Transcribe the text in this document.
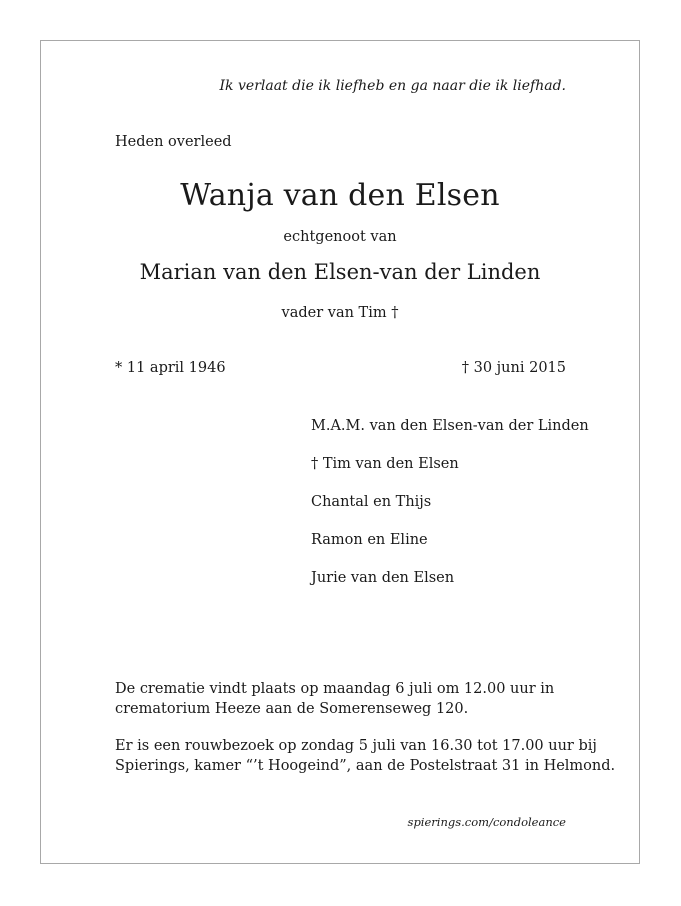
Ik verlaat die ik liefheb en ga naar die ik liefhad.
Heden overleed
Wanja van den Elsen
echtgenoot van
Marian van den Elsen-van der Linden
vader van Tim †
* 11 april 1946	† 30 juni 2015
M.A.M. van den Elsen-van der Linden
† Tim van den Elsen
Chantal en Thijs
Ramon en Eline
Jurie van den Elsen
De crematie vindt plaats op maandag 6 juli om 12.00 uur in
crematorium Heeze aan de Somerenseweg 120.
Er is een rouwbezoek op zondag 5 juli van 16.30 tot 17.00 uur bij
Spierings, kamer “’t Hoogeind”, aan de Postelstraat 31 in Helmond.
spierings.com/condoleance
